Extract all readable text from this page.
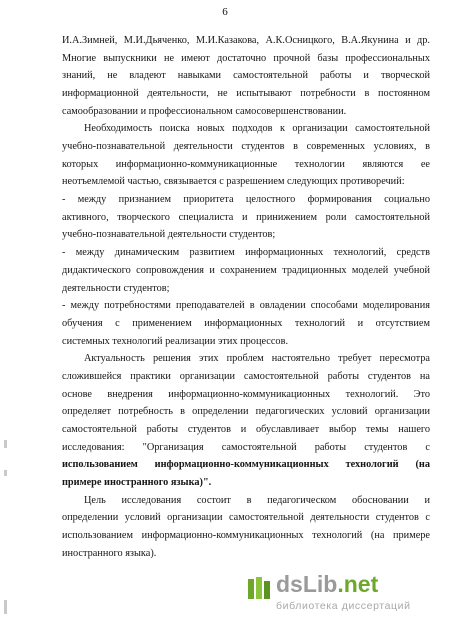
6
И.А.Зимней, М.И.Дьяченко, М.И.Казакова, А.К.Осницкого, В.А.Якунина и др.
Многие выпускники не имеют достаточно прочной базы профессиональных
знаний, не владеют навыками самостоятельной работы и творческой
информационной деятельности, не испытывают потребности в постоянном
самообразовании и профессиональном самосовершенствовании.
Необходимость поиска новых подходов к организации самостоятельной
учебно-познавательной деятельности студентов в современных условиях, в
которых информационно-коммуникационные технологии являются ее
неотъемлемой частью, связывается с разрешением следующих противоречий:
- между признанием приоритета целостного формирования социально
активного, творческого специалиста и принижением роли самостоятельной
учебно-познавательной деятельности студентов;
- между динамическим развитием информационных технологий, средств
дидактического сопровождения и сохранением традиционных моделей учебной
деятельности студентов;
- между потребностями преподавателей в овладении способами моделирования
обучения с применением информационных технологий и отсутствием
системных технологий реализации этих процессов.
Актуальность решения этих проблем настоятельно требует пересмотра
сложившейся практики организации самостоятельной работы студентов на
основе внедрения информационно-коммуникационных технологий. Это
определяет потребность в определении педагогических условий организации
самостоятельной работы студентов и обуславливает выбор темы нашего
исследования: "Организация самостоятельной работы студентов с
использованием информационно-коммуникационных технологий (на
примере иностранного языка)".
Цель исследования состоит в педагогическом обосновании и
определении условий организации самостоятельной деятельности студентов с
использованием информационно-коммуникационных технологий (на примере
иностранного языка).
dsLib.net
библиотека диссертаций
